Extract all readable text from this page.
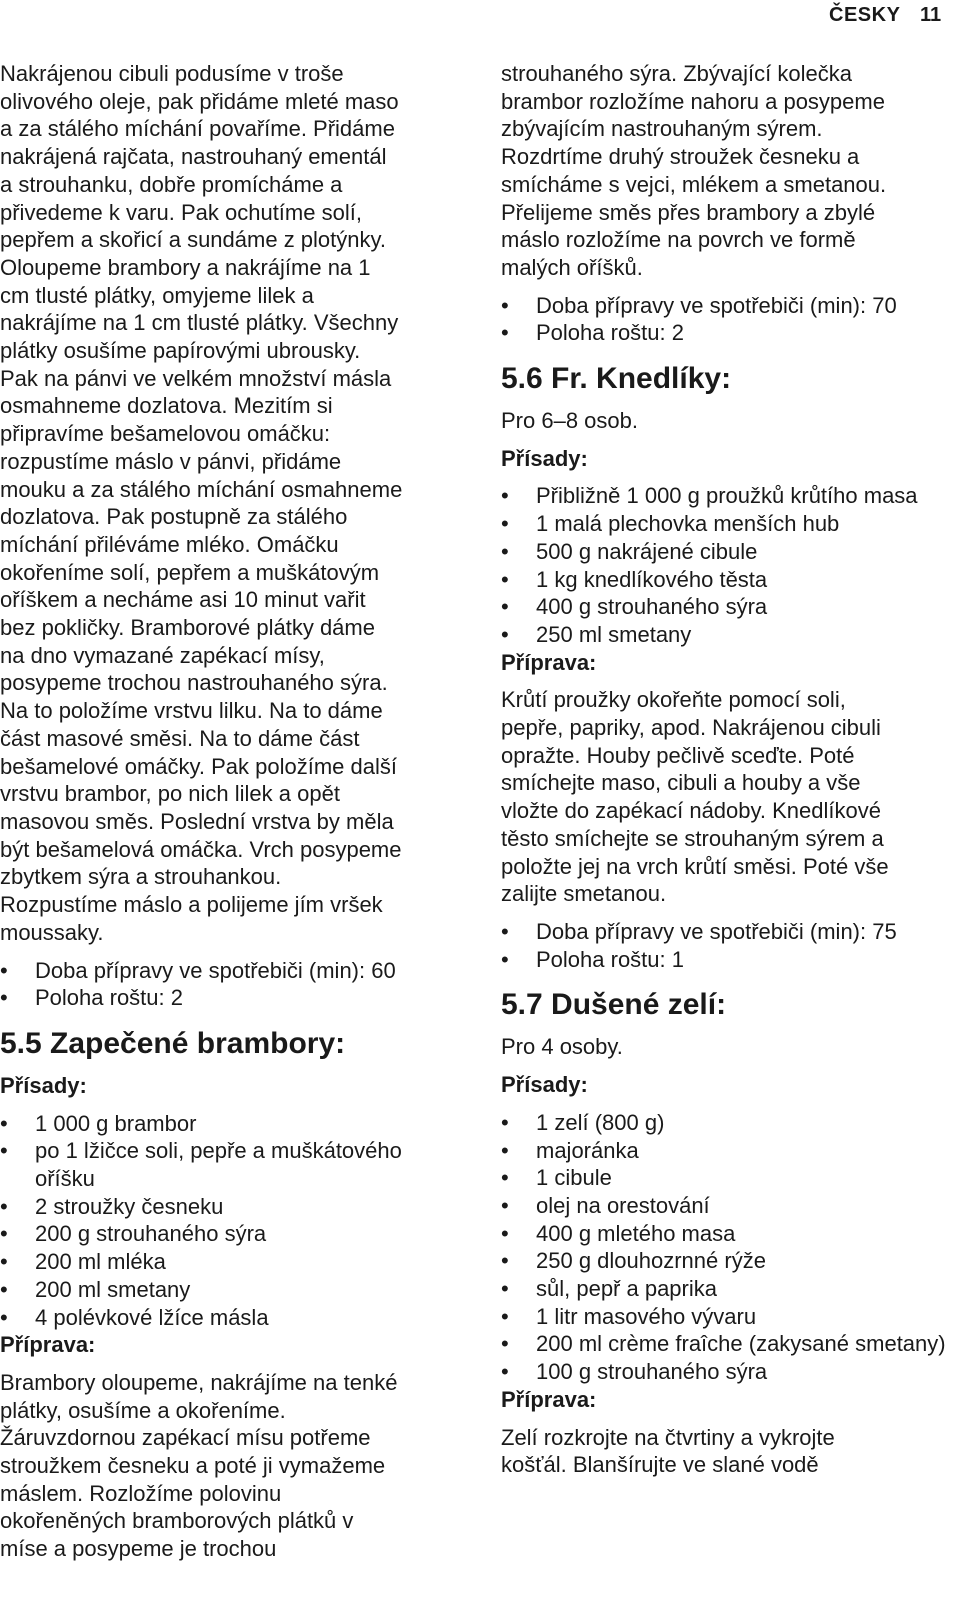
ČESKY 11
Nakrájenou cibuli podusíme v troše
olivového oleje, pak přidáme mleté maso
a za stálého míchání povaříme. Přidáme
nakrájená rajčata, nastrouhaný ementál
a strouhanku, dobře promícháme a
přivedeme k varu. Pak ochutíme solí,
pepřem a skořicí a sundáme z plotýnky.
Oloupeme brambory a nakrájíme na 1
cm tlusté plátky, omyjeme lilek a
nakrájíme na 1 cm tlusté plátky. Všechny
plátky osušíme papírovými ubrousky.
Pak na pánvi ve velkém množství másla
osmahneme dozlatova. Mezitím si
připravíme bešamelovou omáčku:
rozpustíme máslo v pánvi, přidáme
mouku a za stálého míchání osmahneme
dozlatova. Pak postupně za stálého
míchání přiléváme mléko. Omáčku
okořeníme solí, pepřem a muškátovým
oříškem a necháme asi 10 minut vařit
bez pokličky. Bramborové plátky dáme
na dno vymazané zapékací mísy,
posypeme trochou nastrouhaného sýra.
Na to položíme vrstvu lilku. Na to dáme
část masové směsi. Na to dáme část
bešamelové omáčky. Pak položíme další
vrstvu brambor, po nich lilek a opět
masovou směs. Poslední vrstva by měla
být bešamelová omáčka. Vrch posypeme
zbytkem sýra a strouhankou.
Rozpustíme máslo a polijeme jím vršek
moussaky.
• Doba přípravy ve spotřebiči (min): 60
• Poloha roštu: 2
5.5 Zapečené brambory:
Přísady:
• 1 000 g brambor
• po 1 lžičce soli, pepře a muškátového oříšku
• 2 stroužky česneku
• 200 g strouhaného sýra
• 200 ml mléka
• 200 ml smetany
• 4 polévkové lžíce másla
Příprava:
Brambory oloupeme, nakrájíme na tenké
plátky, osušíme a okořeníme.
Žáruvzdornou zapékací mísu potřeme
stroužkem česneku a poté ji vymažeme
máslem. Rozložíme polovinu
okořeněných bramborových plátků v
míse a posypeme je trochou
strouhaného sýra. Zbývající kolečka
brambor rozložíme nahoru a posypeme
zbývajícím nastrouhaným sýrem.
Rozdrtíme druhý stroužek česneku a
smícháme s vejci, mlékem a smetanou.
Přelijeme směs přes brambory a zbylé
máslo rozložíme na povrch ve formě
malých oříšků.
• Doba přípravy ve spotřebiči (min): 70
• Poloha roštu: 2
5.6 Fr. Knedlíky:
Pro 6–8 osob.
Přísady:
• Přibližně 1 000 g proužků krůtího masa
• 1 malá plechovka menších hub
• 500 g nakrájené cibule
• 1 kg knedlíkového těsta
• 400 g strouhaného sýra
• 250 ml smetany
Příprava:
Krůtí proužky okořeňte pomocí soli,
pepře, papriky, apod. Nakrájenou cibuli
opražte. Houby pečlivě sceďte. Poté
smíchejte maso, cibuli a houby a vše
vložte do zapékací nádoby. Knedlíkové
těsto smíchejte se strouhaným sýrem a
položte jej na vrch krůtí směsi. Poté vše
zalijte smetanou.
• Doba přípravy ve spotřebiči (min): 75
• Poloha roštu: 1
5.7 Dušené zelí:
Pro 4 osoby.
Přísady:
• 1 zelí (800 g)
• majoránka
• 1 cibule
• olej na orestování
• 400 g mletého masa
• 250 g dlouhozrnné rýže
• sůl, pepř a paprika
• 1 litr masového vývaru
• 200 ml crème fraîche (zakysané smetany)
• 100 g strouhaného sýra
Příprava:
Zelí rozkrojte na čtvrtiny a vykrojte
košťál. Blanšírujte ve slané vodě
